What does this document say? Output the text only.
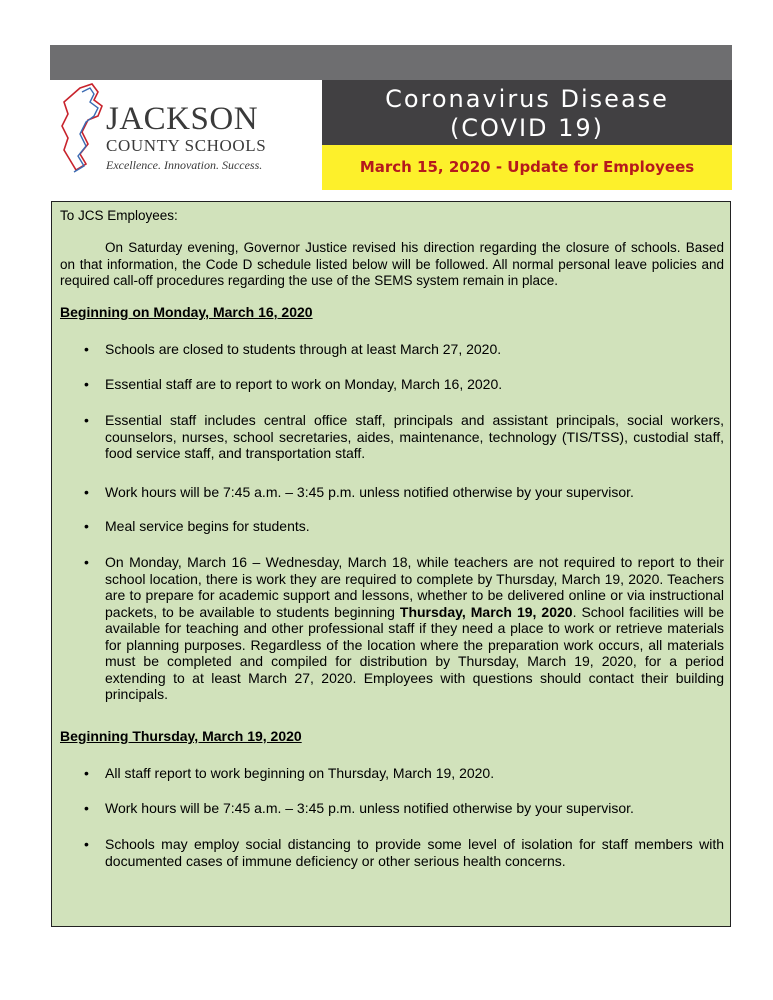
JACKSON
COUNTY SCHOOLS
Excellence. Innovation. Success.
Coronavirus Disease
(COVID 19)
March 15, 2020 - Update for Employees

To JCS Employees:

On Saturday evening, Governor Justice revised his direction regarding the closure of schools. Based on that information, the Code D schedule listed below will be followed. All normal personal leave policies and required call-off procedures regarding the use of the SEMS system remain in place.

Beginning on Monday, March 16, 2020

• Schools are closed to students through at least March 27, 2020.
• Essential staff are to report to work on Monday, March 16, 2020.
• Essential staff includes central office staff, principals and assistant principals, social workers, counselors, nurses, school secretaries, aides, maintenance, technology (TIS/TSS), custodial staff, food service staff, and transportation staff.
• Work hours will be 7:45 a.m. – 3:45 p.m. unless notified otherwise by your supervisor.
• Meal service begins for students.
• On Monday, March 16 – Wednesday, March 18, while teachers are not required to report to their school location, there is work they are required to complete by Thursday, March 19, 2020. Teachers are to prepare for academic support and lessons, whether to be delivered online or via instructional packets, to be available to students beginning Thursday, March 19, 2020. School facilities will be available for teaching and other professional staff if they need a place to work or retrieve materials for planning purposes. Regardless of the location where the preparation work occurs, all materials must be completed and compiled for distribution by Thursday, March 19, 2020, for a period extending to at least March 27, 2020. Employees with questions should contact their building principals.

Beginning Thursday, March 19, 2020

• All staff report to work beginning on Thursday, March 19, 2020.
• Work hours will be 7:45 a.m. – 3:45 p.m. unless notified otherwise by your supervisor.
• Schools may employ social distancing to provide some level of isolation for staff members with documented cases of immune deficiency or other serious health concerns.
